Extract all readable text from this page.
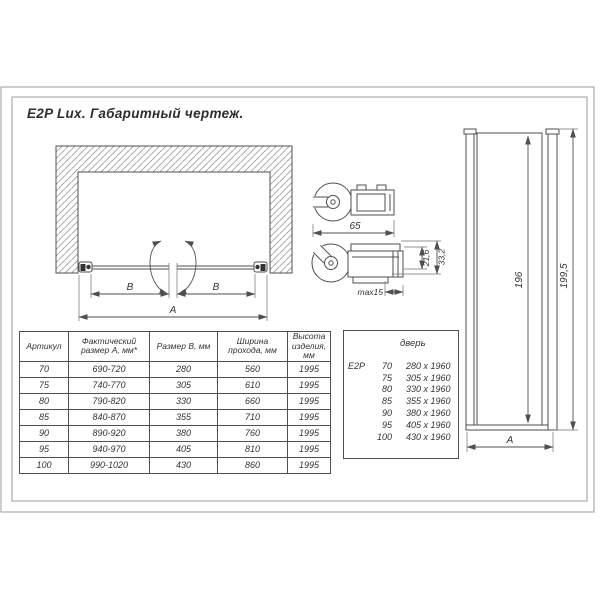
B	B
A
65
21,6 33,2
max15
196	199,5
A
E2P Lux. Габаритный чертеж.
Артикул	Фактический размер А, мм*	Размер В, мм	Ширина прохода, мм	Высота изделия, мм
70	690-720	280	560	1995
75	740-770	305	610	1995
80	790-820	330	660	1995
85	840-870	355	710	1995
90	890-920	380	760	1995
95	940-970	405	810	1995
100	990-1020	430	860	1995
дверь
E2P	70 280 x 1960
75 305 x 1960
80 330 x 1960
85 355 x 1960
90 380 x 1960
95 405 x 1960
100 430 x 1960
